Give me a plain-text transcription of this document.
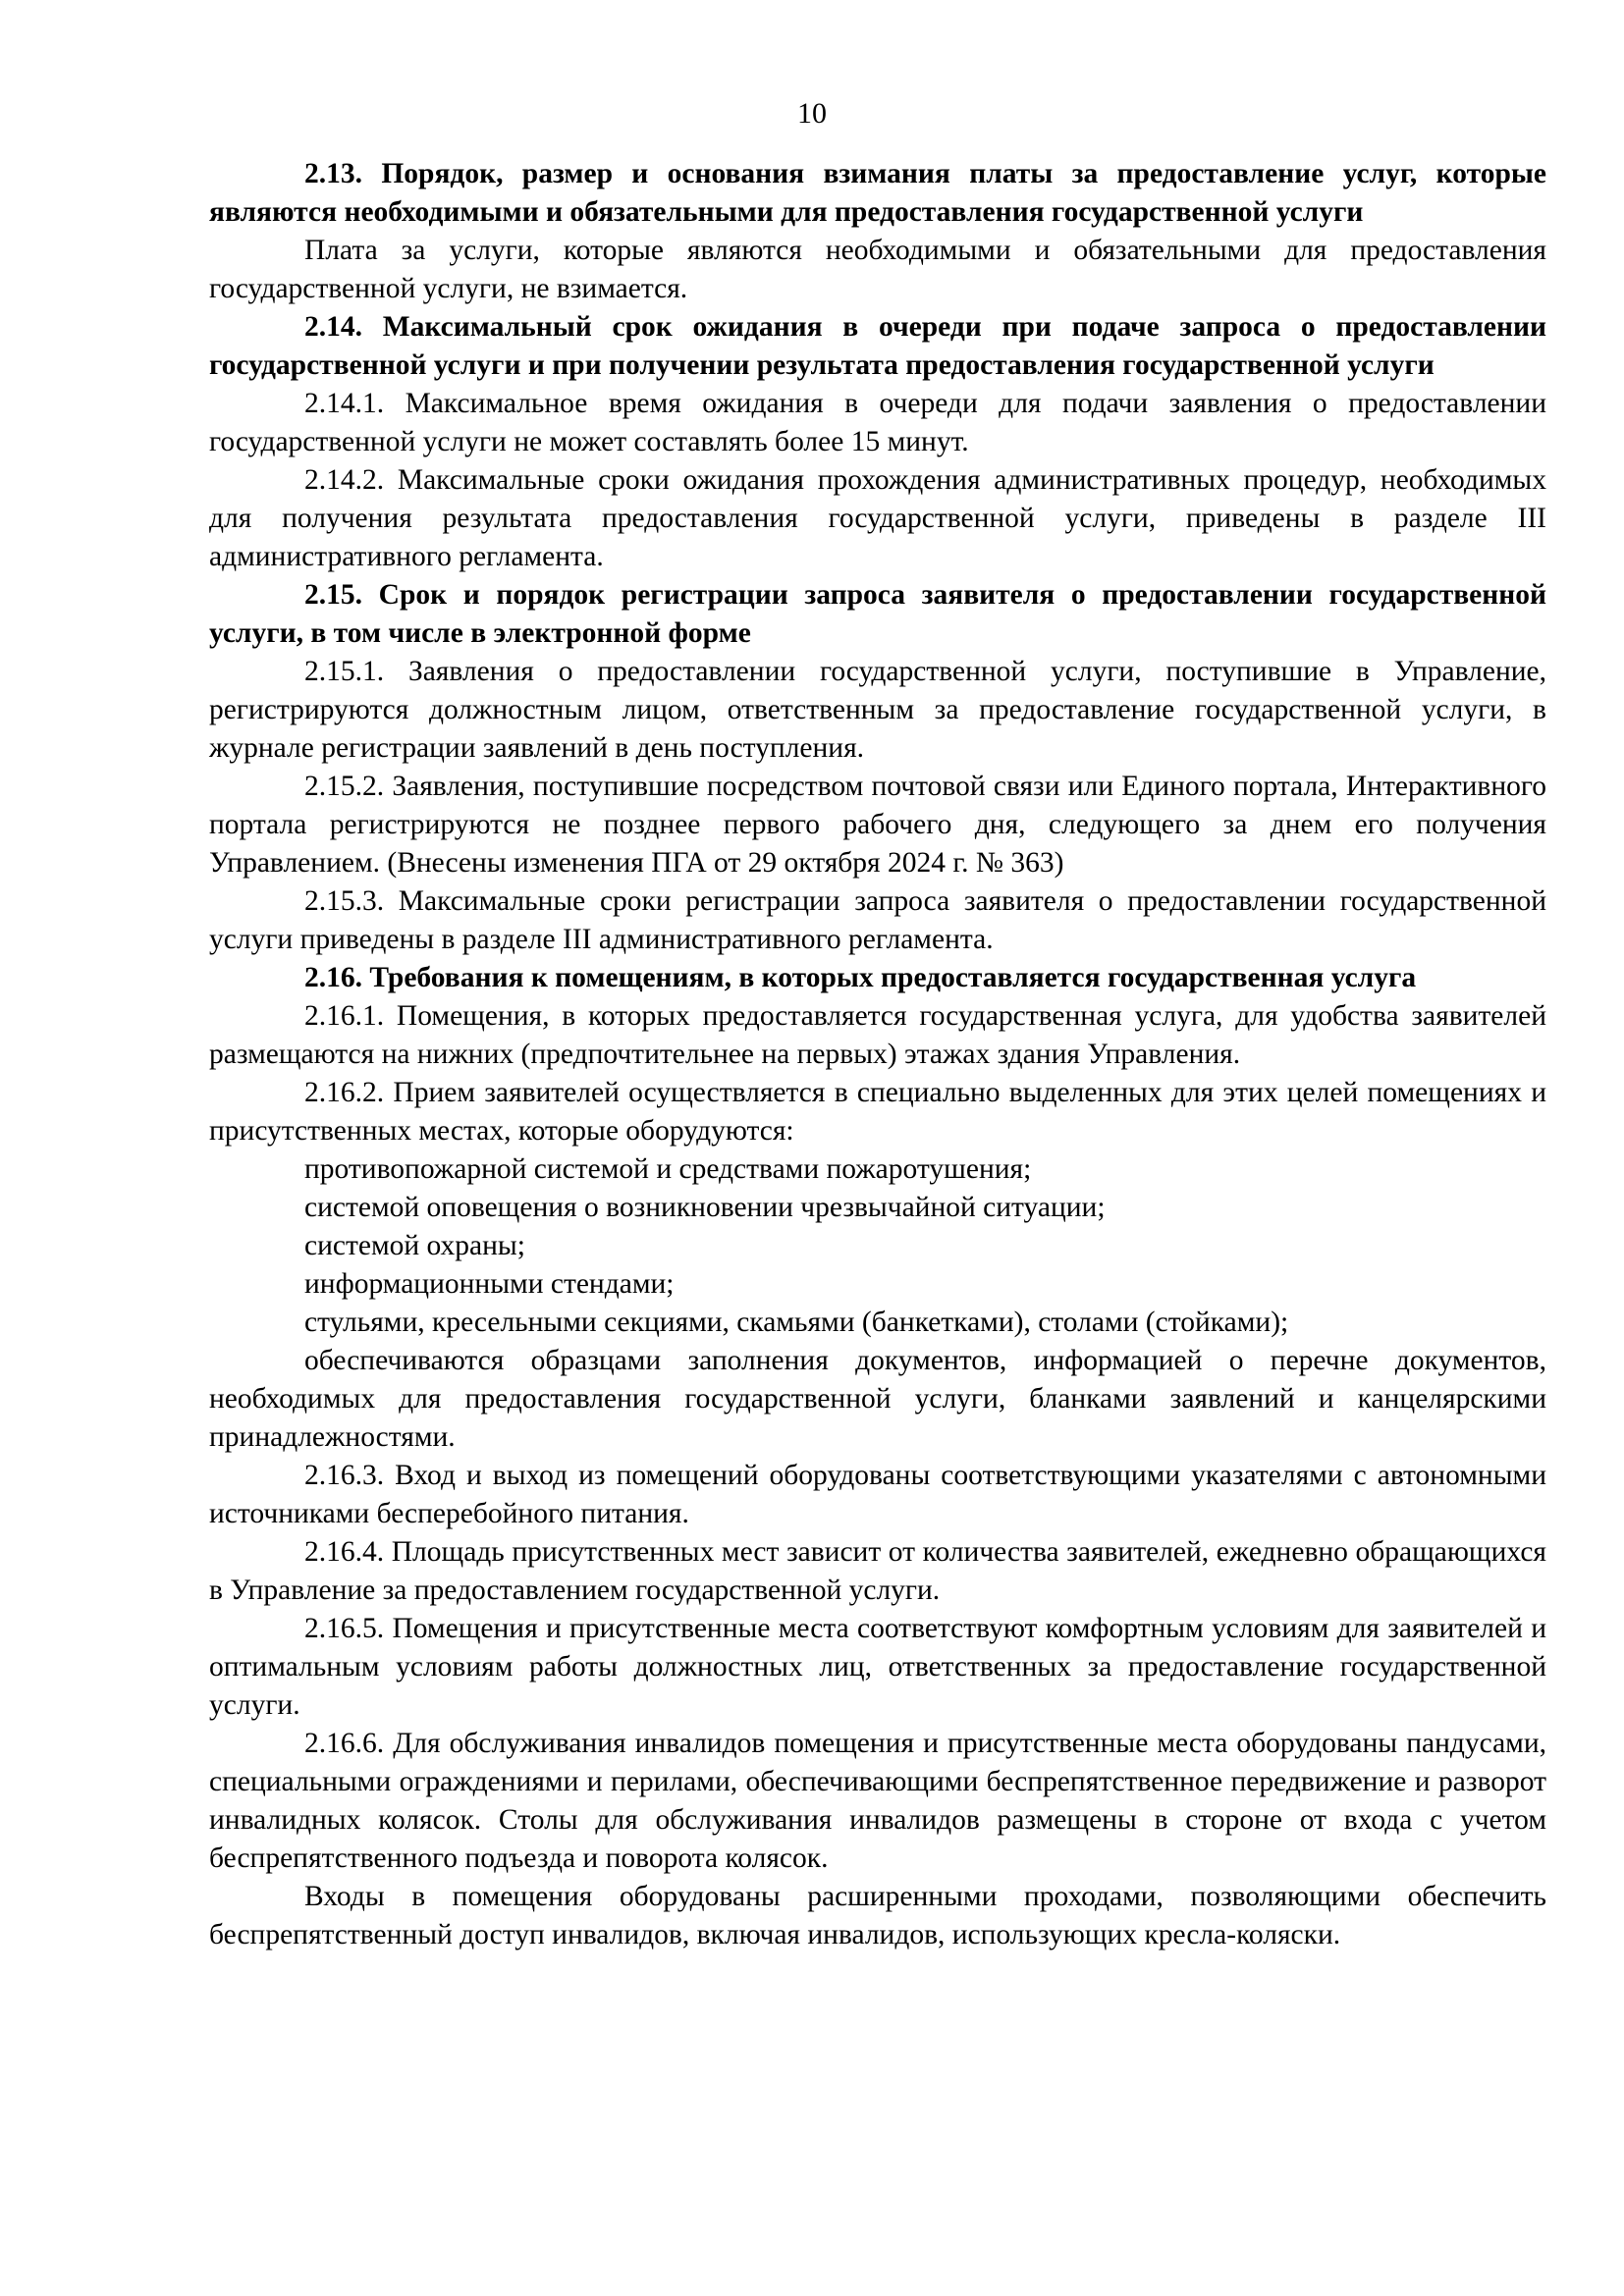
10

2.13. Порядок, размер и основания взимания платы за предоставление услуг, которые являются необходимыми и обязательными для предоставления государственной услуги

Плата за услуги, которые являются необходимыми и обязательными для предоставления государственной услуги, не взимается.

2.14. Максимальный срок ожидания в очереди при подаче запроса о предоставлении государственной услуги и при получении результата предоставления государственной услуги

2.14.1. Максимальное время ожидания в очереди для подачи заявления о предоставлении государственной услуги не может составлять более 15 минут.

2.14.2. Максимальные сроки ожидания прохождения административных процедур, необходимых для получения результата предоставления государственной услуги, приведены в разделе III административного регламента.

2.15. Срок и порядок регистрации запроса заявителя о предоставлении государственной услуги, в том числе в электронной форме

2.15.1. Заявления о предоставлении государственной услуги, поступившие в Управление, регистрируются должностным лицом, ответственным за предоставление государственной услуги, в журнале регистрации заявлений в день поступления.

2.15.2. Заявления, поступившие посредством почтовой связи или Единого портала, Интерактивного портала регистрируются не позднее первого рабочего дня, следующего за днем его получения Управлением. (Внесены изменения ПГА от 29 октября 2024 г. № 363)

2.15.3. Максимальные сроки регистрации запроса заявителя о предоставлении государственной услуги приведены в разделе III административного регламента.

2.16. Требования к помещениям, в которых предоставляется государственная услуга

2.16.1. Помещения, в которых предоставляется государственная услуга, для удобства заявителей размещаются на нижних (предпочтительнее на первых) этажах здания Управления.

2.16.2. Прием заявителей осуществляется в специально выделенных для этих целей помещениях и присутственных местах, которые оборудуются:

противопожарной системой и средствами пожаротушения;

системой оповещения о возникновении чрезвычайной ситуации;

системой охраны;

информационными стендами;

стульями, кресельными секциями, скамьями (банкетками), столами (стойками);

обеспечиваются образцами заполнения документов, информацией о перечне документов, необходимых для предоставления государственной услуги, бланками заявлений и канцелярскими принадлежностями.

2.16.3. Вход и выход из помещений оборудованы соответствующими указателями с автономными источниками бесперебойного питания.

2.16.4. Площадь присутственных мест зависит от количества заявителей, ежедневно обращающихся в Управление за предоставлением государственной услуги.

2.16.5. Помещения и присутственные места соответствуют комфортным условиям для заявителей и оптимальным условиям работы должностных лиц, ответственных за предоставление государственной услуги.

2.16.6. Для обслуживания инвалидов помещения и присутственные места оборудованы пандусами, специальными ограждениями и перилами, обеспечивающими беспрепятственное передвижение и разворот инвалидных колясок. Столы для обслуживания инвалидов размещены в стороне от входа с учетом беспрепятственного подъезда и поворота колясок.

Входы в помещения оборудованы расширенными проходами, позволяющими обеспечить беспрепятственный доступ инвалидов, включая инвалидов, использующих кресла-коляски.
